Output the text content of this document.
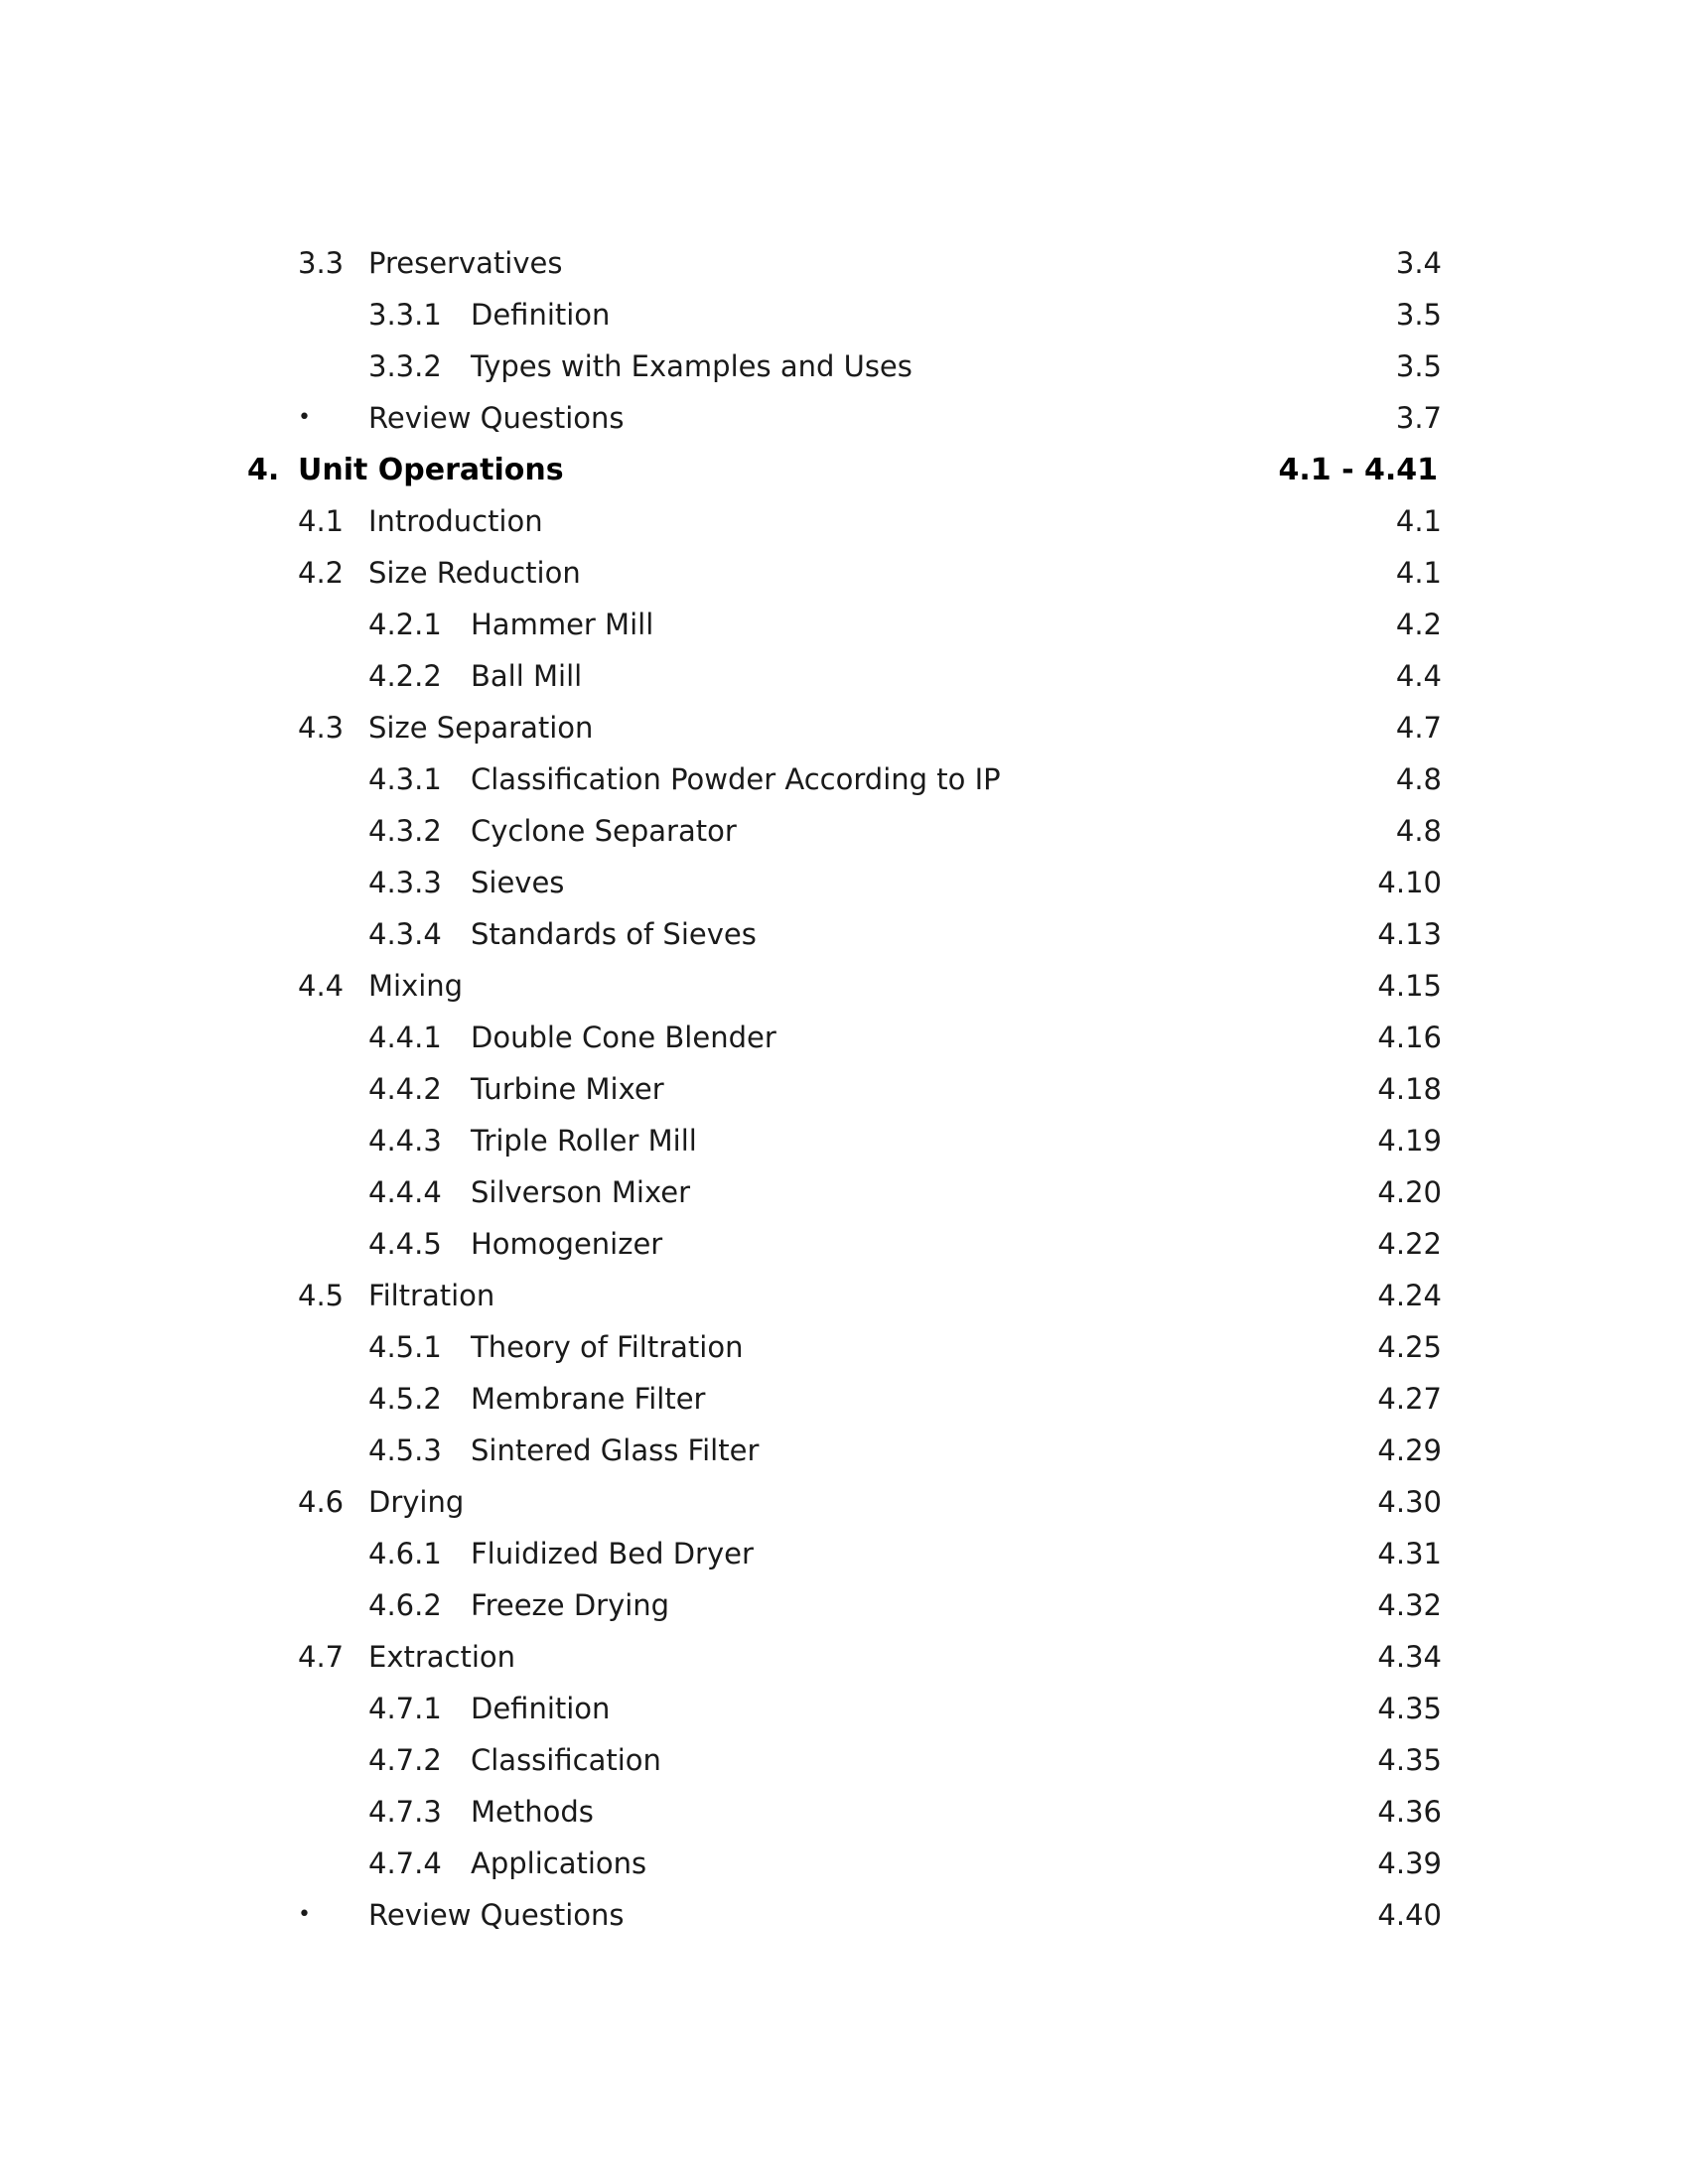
3.3 Preservatives	3.4
3.3.1 Definition	3.5
3.3.2 Types with Examples and Uses	3.5
• Review Questions	3.7
4. Unit Operations	4.1 - 4.41
4.1 Introduction	4.1
4.2 Size Reduction	4.1
4.2.1 Hammer Mill	4.2
4.2.2 Ball Mill	4.4
4.3 Size Separation	4.7
4.3.1 Classification Powder According to IP	4.8
4.3.2 Cyclone Separator	4.8
4.3.3 Sieves	4.10
4.3.4 Standards of Sieves	4.13
4.4 Mixing	4.15
4.4.1 Double Cone Blender	4.16
4.4.2 Turbine Mixer	4.18
4.4.3 Triple Roller Mill	4.19
4.4.4 Silverson Mixer	4.20
4.4.5 Homogenizer	4.22
4.5 Filtration	4.24
4.5.1 Theory of Filtration	4.25
4.5.2 Membrane Filter	4.27
4.5.3 Sintered Glass Filter	4.29
4.6 Drying	4.30
4.6.1 Fluidized Bed Dryer	4.31
4.6.2 Freeze Drying	4.32
4.7 Extraction	4.34
4.7.1 Definition	4.35
4.7.2 Classification	4.35
4.7.3 Methods	4.36
4.7.4 Applications	4.39
• Review Questions	4.40
